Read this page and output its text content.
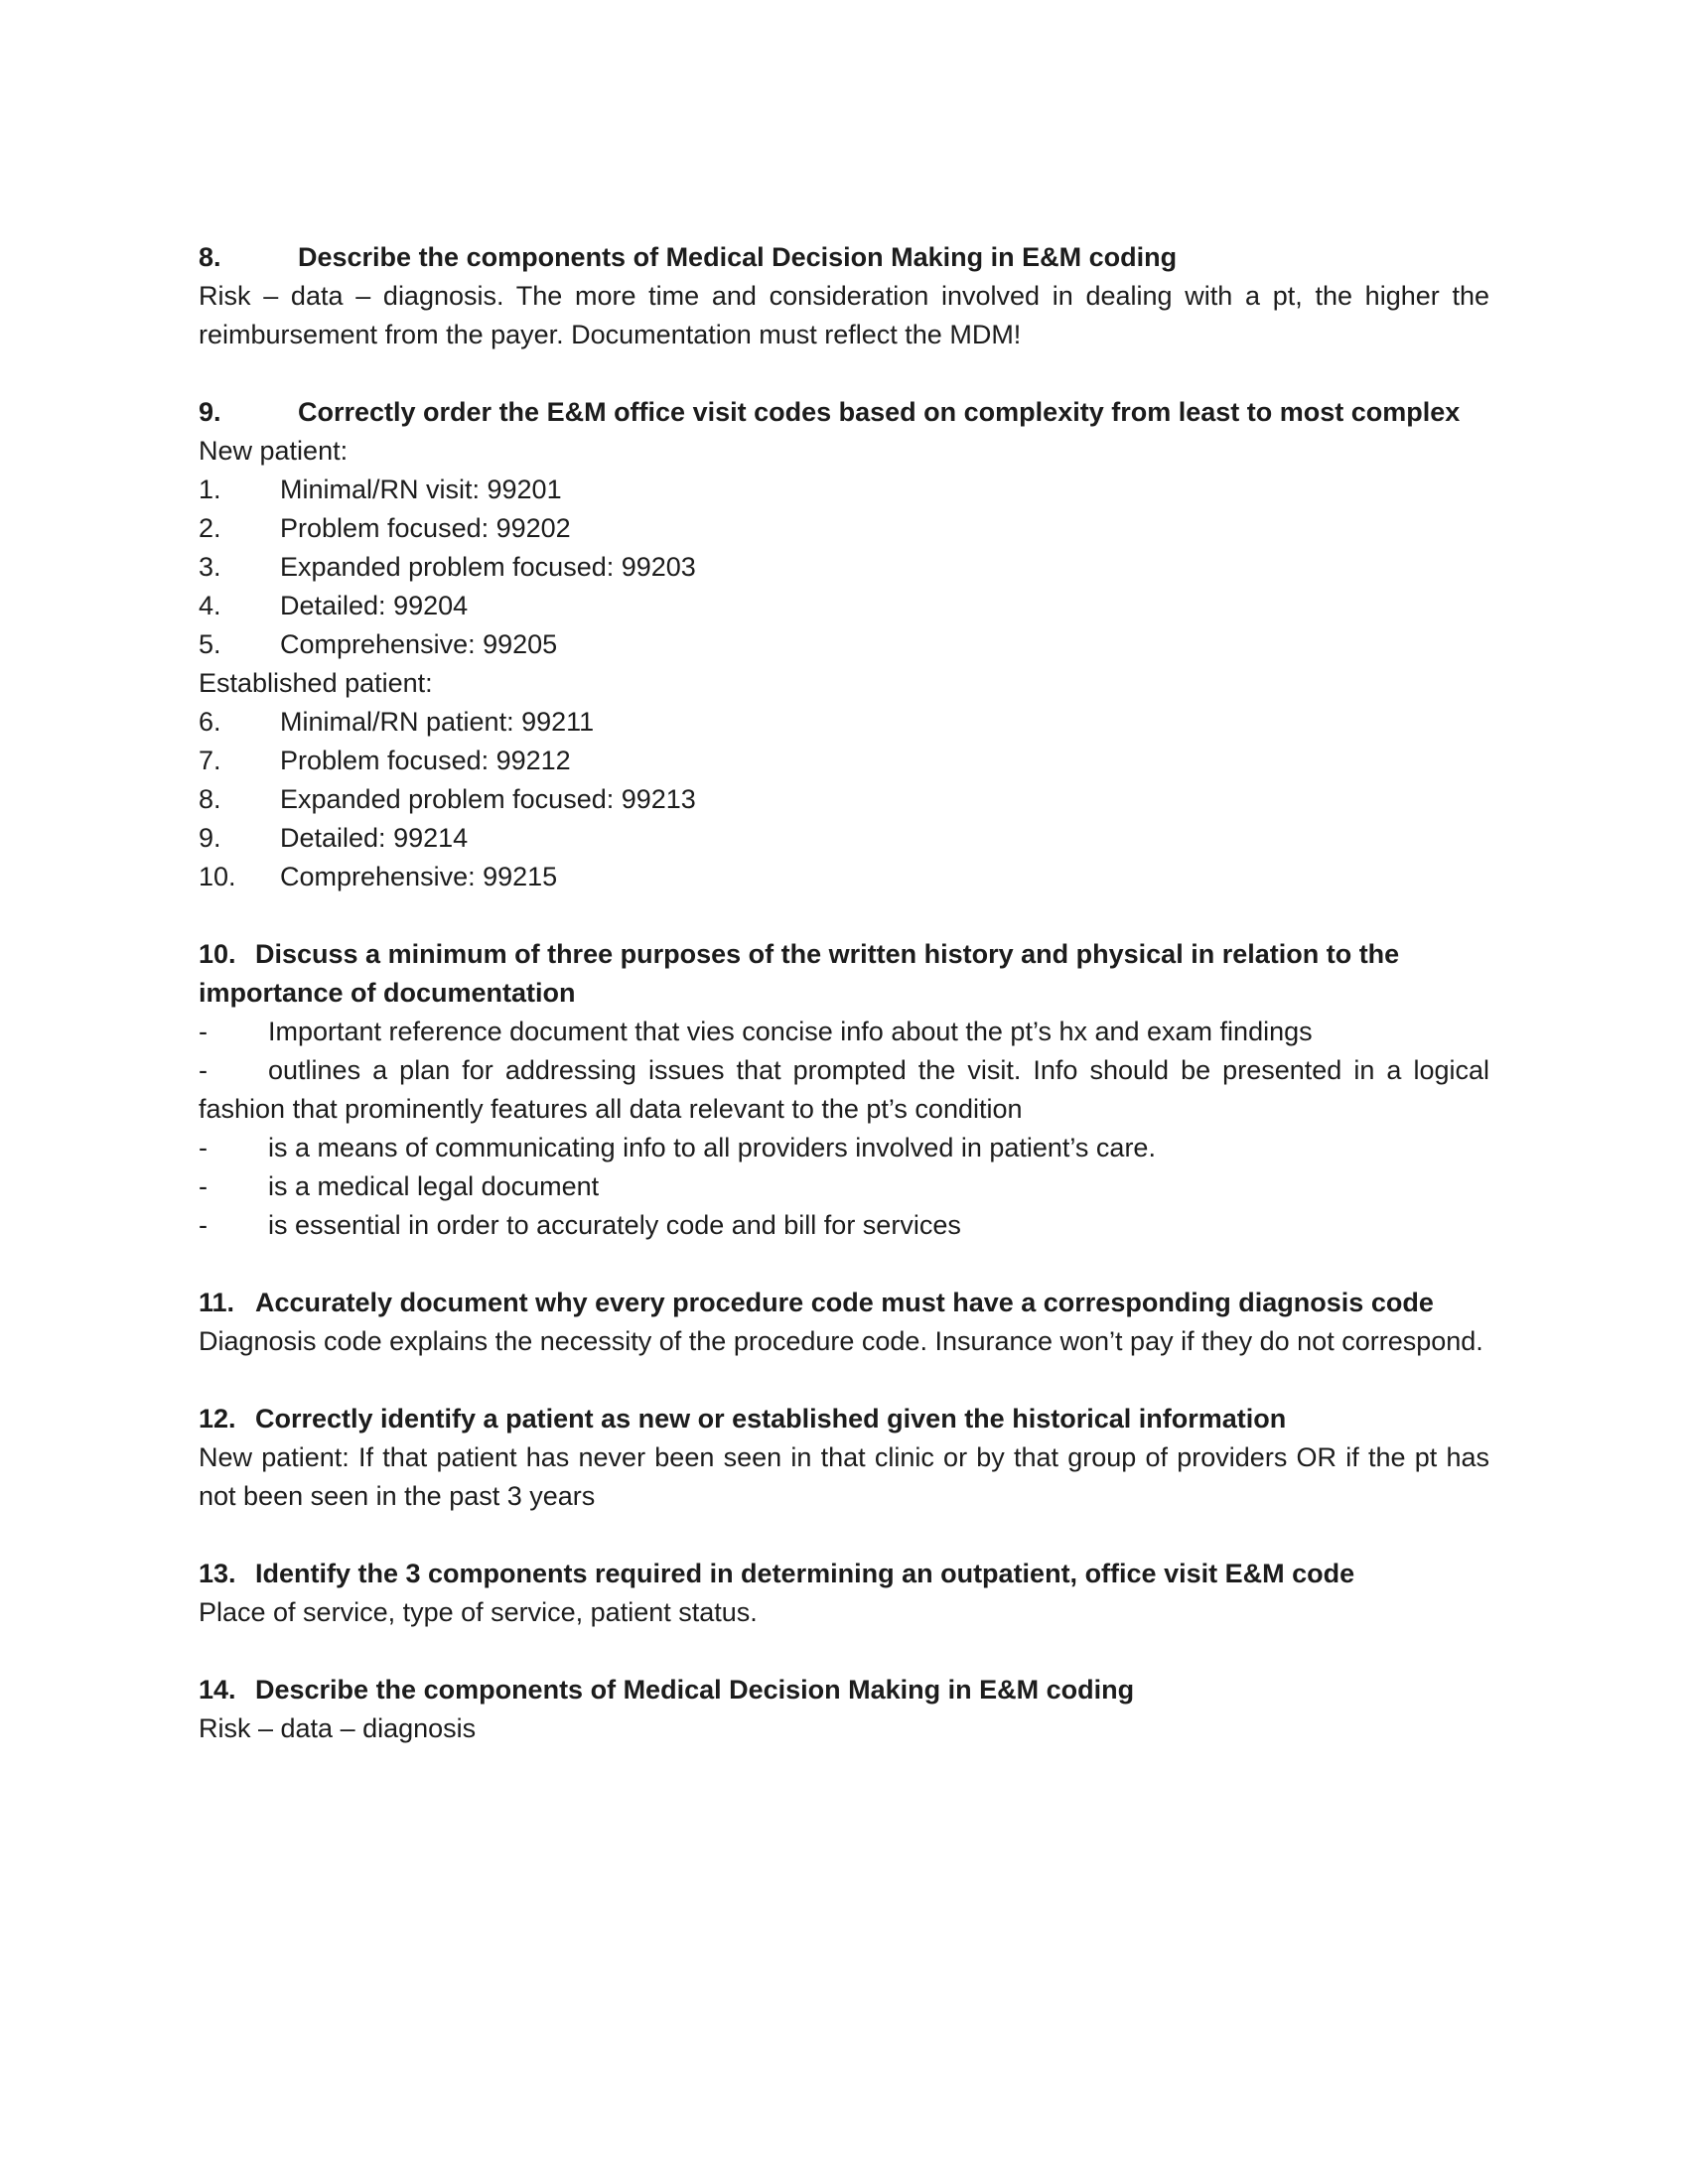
8.	Describe the components of Medical Decision Making in E&M coding

Risk – data – diagnosis. The more time and consideration involved in dealing with a pt, the higher the reimbursement from the payer. Documentation must reflect the MDM!

9.	Correctly order the E&M office visit codes based on complexity from least to most complex

New patient:

1. Minimal/RN visit: 99201

2. Problem focused: 99202

3. Expanded problem focused: 99203

4. Detailed: 99204

5. Comprehensive: 99205

Established patient:

6. Minimal/RN patient: 99211

7. Problem focused: 99212

8. Expanded problem focused: 99213

9. Detailed: 99214

10. Comprehensive: 99215

10. Discuss a minimum of three purposes of the written history and physical in relation to the importance of documentation

- Important reference document that vies concise info about the pt’s hx and exam findings

- outlines a plan for addressing issues that prompted the visit. Info should be presented in a logical fashion that prominently features all data relevant to the pt’s condition

- is a means of communicating info to all providers involved in patient’s care.

- is a medical legal document

- is essential in order to accurately code and bill for services

11. Accurately document why every procedure code must have a corresponding diagnosis code

Diagnosis code explains the necessity of the procedure code. Insurance won’t pay if they do not correspond.

12. Correctly identify a patient as new or established given the historical information

New patient: If that patient has never been seen in that clinic or by that group of providers OR if the pt has not been seen in the past 3 years

13. Identify the 3 components required in determining an outpatient, office visit E&M code

Place of service, type of service, patient status.

14. Describe the components of Medical Decision Making in E&M coding

Risk – data – diagnosis
